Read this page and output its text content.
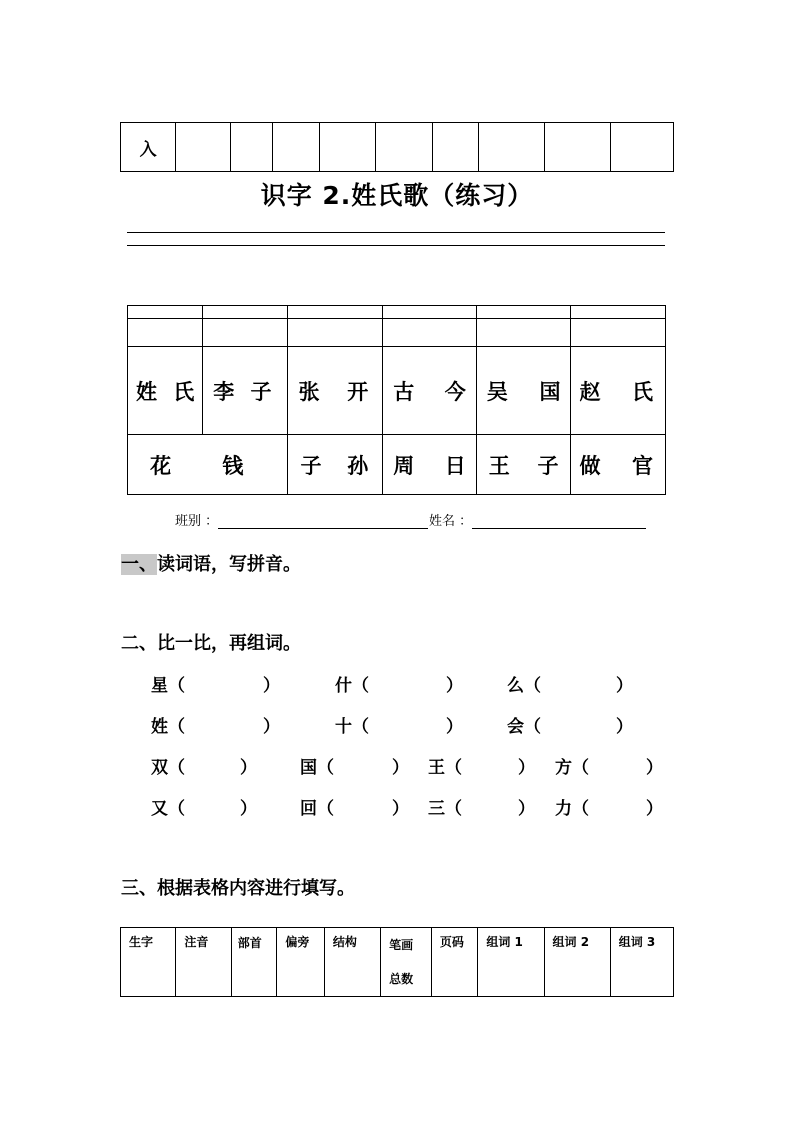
入									
识字 2.姓氏歌（练习）

姓 氏	李 子	张 开	古 今	吴 国	赵 氏

花 钱		子 孙	周 日	王 子	做 官
班别 ：	姓名 ：
一、读词语，写拼音。
二、比一比，再组词。
星（	）	什（	）	么（	）
姓（	）	十（	）	会（	）
双（	）	国（	） 王（	） 方（	）
又（	）	回（	） 三（	） 力（	）
三、根据表格内容进行填写。
生字	注音	部首	偏旁	结构	笔画总数	页码	组词 1	组词 2	组词 3
